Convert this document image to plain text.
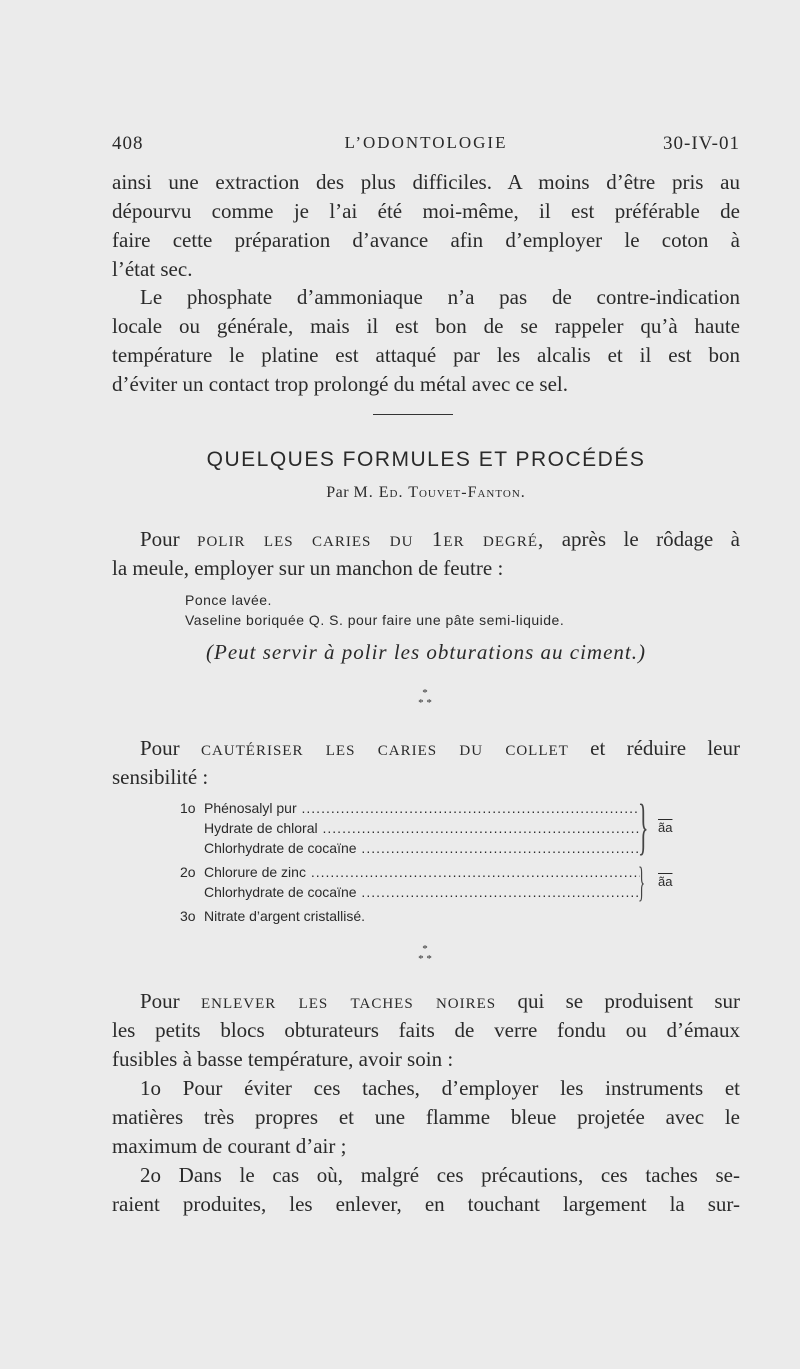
408	L’ODONTOLOGIE	30-IV-01
ainsi une extraction des plus difficiles. A moins d’être pris au
dépourvu comme je l’ai été moi-même, il est préférable de
faire cette préparation d’avance afin d’employer le coton à
l’état sec.
Le phosphate d’ammoniaque n’a pas de contre-indication
locale ou générale, mais il est bon de se rappeler qu’à haute
température le platine est attaqué par les alcalis et il est bon
d’éviter un contact trop prolongé du métal avec ce sel.
QUELQUES FORMULES ET PROCÉDÉS
Par M. Ed. Touvet-Fanton.
Pour polir les caries du 1er degré, après le rôdage à
la meule, employer sur un manchon de feutre :
Ponce lavée.
Vaseline boriquée Q. S. pour faire une pâte semi-liquide.
(Peut servir à polir les obturations au ciment.)
*
* *
Pour cautériser les caries du collet et réduire leur
sensibilité :
1o Phénosalyl pur .....
Hydrate de chloral .....
Chlorhydrate de cocaïne .....
2o Chlorure de zinc .....
Chlorhydrate de cocaïne .....
3o Nitrate d’argent cristallisé.
} $\overline{ãa}$
} $\overline{ãa}$
*
* *
Pour enlever les taches noires qui se produisent sur
les petits blocs obturateurs faits de verre fondu ou d’émaux
fusibles à basse température, avoir soin :
1o Pour éviter ces taches, d’employer les instruments et
matières très propres et une flamme bleue projetée avec le
maximum de courant d’air ;
2o Dans le cas où, malgré ces précautions, ces taches se-
raient produites, les enlever, en touchant largement la sur-
